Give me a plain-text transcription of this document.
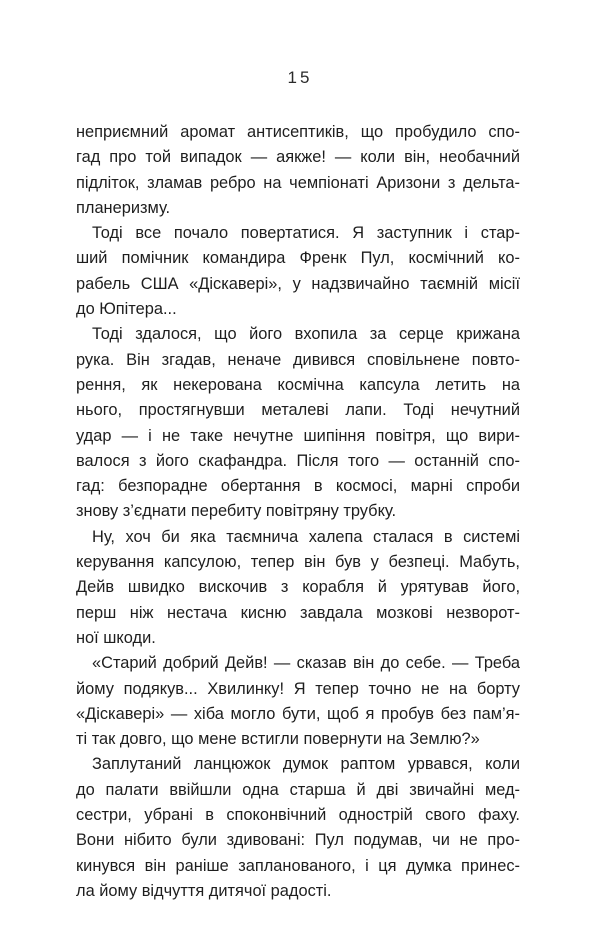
15
неприємний аромат антисептиків, що пробудило спо-
гад про той випадок — аякже! — коли він, необачний
підліток, зламав ребро на чемпіонаті Аризони з дельта-
планеризму.
Тоді все почало повертатися. Я заступник і стар-
ший помічник командира Френк Пул, космічний ко-
рабель США «Діскавері», у надзвичайно таємній місії
до Юпітера...
Тоді здалося, що його вхопила за серце крижана
рука. Він згадав, неначе дивився сповільнене повто-
рення, як некерована космічна капсула летить на
нього, простягнувши металеві лапи. Тоді нечутний
удар — і не таке нечутне шипіння повітря, що вири-
валося з його скафандра. Після того — останній спо-
гад: безпорадне обертання в космосі, марні спроби
знову з’єднати перебиту повітряну трубку.
Ну, хоч би яка таємнича халепа сталася в системі
керування капсулою, тепер він був у безпеці. Мабуть,
Дейв швидко вискочив з корабля й урятував його,
перш ніж нестача кисню завдала мозкові незворот-
ної шкоди.
«Старий добрий Дейв! — сказав він до себе. — Треба
йому подякув... Хвилинку! Я тепер точно не на борту
«Діскавері» — хіба могло бути, щоб я пробув без пам’я-
ті так довго, що мене встигли повернути на Землю?»
Заплутаний ланцюжок думок раптом урвався, коли
до палати ввійшли одна старша й дві звичайні мед-
сестри, убрані в споконвічний однострій свого фаху.
Вони нібито були здивовані: Пул подумав, чи не про-
кинувся він раніше запланованого, і ця думка принес-
ла йому відчуття дитячої радості.
